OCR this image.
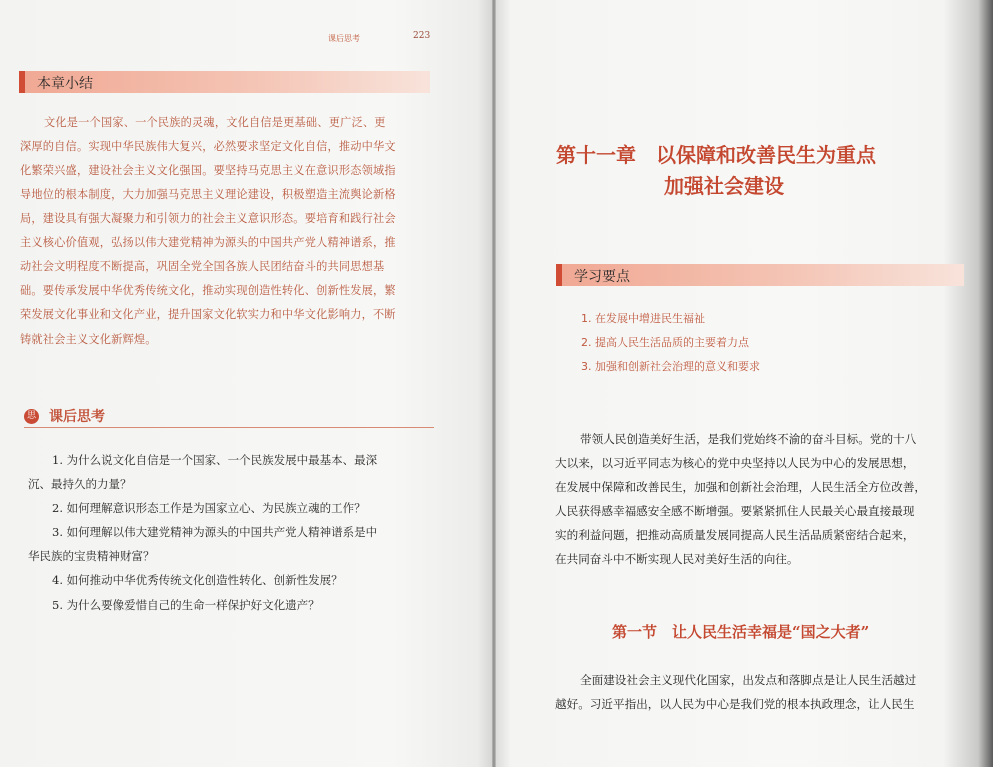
课后思考	223
本章小结
文化是一个国家、一个民族的灵魂，文化自信是更基础、更广泛、更
深厚的自信。实现中华民族伟大复兴，必然要求坚定文化自信，推动中华文
化繁荣兴盛，建设社会主义文化强国。要坚持马克思主义在意识形态领域指
导地位的根本制度，大力加强马克思主义理论建设，积极塑造主流舆论新格
局，建设具有强大凝聚力和引领力的社会主义意识形态。要培育和践行社会
主义核心价值观，弘扬以伟大建党精神为源头的中国共产党人精神谱系，推
动社会文明程度不断提高，巩固全党全国各族人民团结奋斗的共同思想基
础。要传承发展中华优秀传统文化，推动实现创造性转化、创新性发展，繁
荣发展文化事业和文化产业，提升国家文化软实力和中华文化影响力，不断
铸就社会主义文化新辉煌。
思 课后思考
1. 为什么说文化自信是一个国家、一个民族发展中最基本、最深
沉、最持久的力量？
2. 如何理解意识形态工作是为国家立心、为民族立魂的工作？
3. 如何理解以伟大建党精神为源头的中国共产党人精神谱系是中
华民族的宝贵精神财富？
4. 如何推动中华优秀传统文化创造性转化、创新性发展？
5. 为什么要像爱惜自己的生命一样保护好文化遗产？
第十一章　以保障和改善民生为重点
加强社会建设
学习要点
1. 在发展中增进民生福祉
2. 提高人民生活品质的主要着力点
3. 加强和创新社会治理的意义和要求
带领人民创造美好生活，是我们党始终不渝的奋斗目标。党的十八
大以来，以习近平同志为核心的党中央坚持以人民为中心的发展思想，
在发展中保障和改善民生，加强和创新社会治理，人民生活全方位改善，
人民获得感幸福感安全感不断增强。要紧紧抓住人民最关心最直接最现
实的利益问题，把推动高质量发展同提高人民生活品质紧密结合起来，
在共同奋斗中不断实现人民对美好生活的向往。
第一节　让人民生活幸福是“国之大者”
全面建设社会主义现代化国家，出发点和落脚点是让人民生活越过
越好。习近平指出，以人民为中心是我们党的根本执政理念，让人民生
